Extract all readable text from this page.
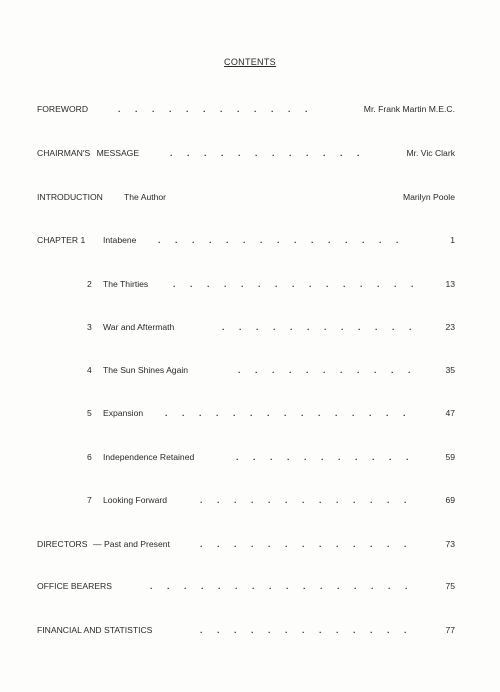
CONTENTS
FOREWORD	. . . . . . . . . . . .	Mr. Frank Martin M.E.C.
CHAIRMAN'S MESSAGE	. . . . . . . . . . . .	Mr. Vic Clark
INTRODUCTION The Author	Marilyn Poole
CHAPTER 1 Intabene	. . . . . . . . . . . . . . .	1
2 The Thirties	. . . . . . . . . . . . . . .	13
3 War and Aftermath	. . . . . . . . . . . .	23
4 The Sun Shines Again	. . . . . . . . . . .	35
5 Expansion	. . . . . . . . . . . . . . .	47
6 Independence Retained	. . . . . . . . . . .	59
7 Looking Forward	. . . . . . . . . . . . .	69
DIRECTORS — Past and Present	. . . . . . . . . . . . .	73
OFFICE BEARERS	. . . . . . . . . . . . . . . .	75
FINANCIAL AND STATISTICS	. . . . . . . . . . . . .	77
